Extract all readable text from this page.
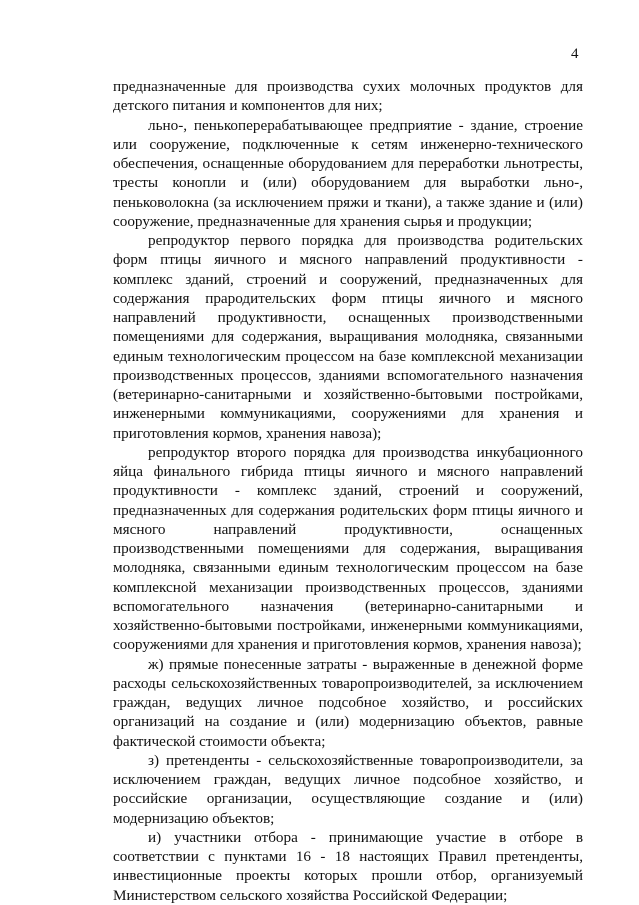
4

предназначенные для производства сухих молочных продуктов для детского питания и компонентов для них;

льно-, пенькоперерабатывающее предприятие - здание, строение или сооружение, подключенные к сетям инженерно-технического обеспечения, оснащенные оборудованием для переработки льнотресты, тресты конопли и (или) оборудованием для выработки льно-, пеньковолокна (за исключением пряжи и ткани), а также здание и (или) сооружение, предназначенные для хранения сырья и продукции;

репродуктор первого порядка для производства родительских форм птицы яичного и мясного направлений продуктивности - комплекс зданий, строений и сооружений, предназначенных для содержания прародительских форм птицы яичного и мясного направлений продуктивности, оснащенных производственными помещениями для содержания, выращивания молодняка, связанными единым технологическим процессом на базе комплексной механизации производственных процессов, зданиями вспомогательного назначения (ветеринарно-санитарными и хозяйственно-бытовыми постройками, инженерными коммуникациями, сооружениями для хранения и приготовления кормов, хранения навоза);

репродуктор второго порядка для производства инкубационного яйца финального гибрида птицы яичного и мясного направлений продуктивности - комплекс зданий, строений и сооружений, предназначенных для содержания родительских форм птицы яичного и мясного направлений продуктивности, оснащенных производственными помещениями для содержания, выращивания молодняка, связанными единым технологическим процессом на базе комплексной механизации производственных процессов, зданиями вспомогательного назначения (ветеринарно-санитарными и хозяйственно-бытовыми постройками, инженерными коммуникациями, сооружениями для хранения и приготовления кормов, хранения навоза);

ж) прямые понесенные затраты - выраженные в денежной форме расходы сельскохозяйственных товаропроизводителей, за исключением граждан, ведущих личное подсобное хозяйство, и российских организаций на создание и (или) модернизацию объектов, равные фактической стоимости объекта;

з) претенденты - сельскохозяйственные товаропроизводители, за исключением граждан, ведущих личное подсобное хозяйство, и российские организации, осуществляющие создание и (или) модернизацию объектов;

и) участники отбора - принимающие участие в отборе в соответствии с пунктами 16 - 18 настоящих Правил претенденты, инвестиционные проекты которых прошли отбор, организуемый Министерством сельского хозяйства Российской Федерации;
